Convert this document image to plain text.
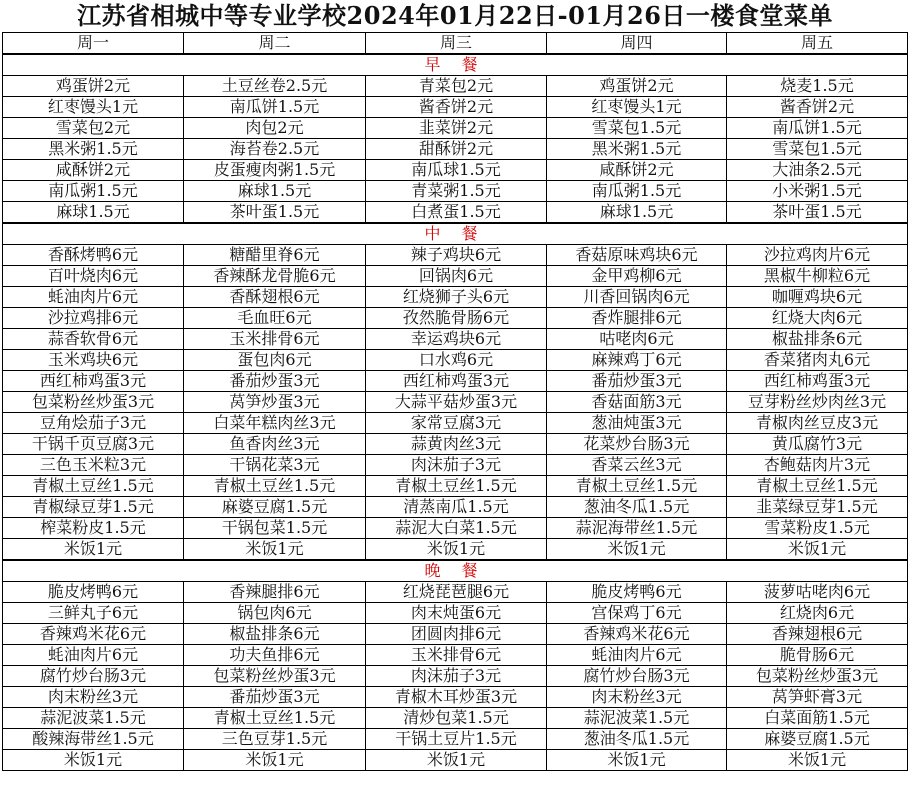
江苏省相城中等专业学校2024年01月22日-01月26日一楼食堂菜单
周一	周二	周三	周四	周五
早 餐				
鸡蛋饼2元	土豆丝卷2.5元	青菜包2元	鸡蛋饼2元	烧麦1.5元
红枣馒头1元	南瓜饼1.5元	酱香饼2元	红枣馒头1元	酱香饼2元
雪菜包2元	肉包2元	韭菜饼2元	雪菜包1.5元	南瓜饼1.5元
黑米粥1.5元	海苔卷2.5元	甜酥饼2元	黑米粥1.5元	雪菜包1.5元
咸酥饼2元	皮蛋瘦肉粥1.5元	南瓜球1.5元	咸酥饼2元	大油条2.5元
南瓜粥1.5元	麻球1.5元	青菜粥1.5元	南瓜粥1.5元	小米粥1.5元
麻球1.5元	茶叶蛋1.5元	白煮蛋1.5元	麻球1.5元	茶叶蛋1.5元
中 餐				
香酥烤鸭6元	糖醋里脊6元	辣子鸡块6元	香菇原味鸡块6元	沙拉鸡肉片6元
百叶烧肉6元	香辣酥龙骨脆6元	回锅肉6元	金甲鸡柳6元	黑椒牛柳粒6元
蚝油肉片6元	香酥翅根6元	红烧狮子头6元	川香回锅肉6元	咖喱鸡块6元
沙拉鸡排6元	毛血旺6元	孜然脆骨肠6元	香炸腿排6元	红烧大肉6元
蒜香软骨6元	玉米排骨6元	幸运鸡块6元	咕咾肉6元	椒盐排条6元
玉米鸡块6元	蛋包肉6元	口水鸡6元	麻辣鸡丁6元	香菜猪肉丸6元
西红柿鸡蛋3元	番茄炒蛋3元	西红柿鸡蛋3元	番茄炒蛋3元	西红柿鸡蛋3元
包菜粉丝炒蛋3元	莴笋炒蛋3元	大蒜平菇炒蛋3元	香菇面筋3元	豆芽粉丝炒肉丝3元
豆角烩茄子3元	白菜年糕肉丝3元	家常豆腐3元	葱油炖蛋3元	青椒肉丝豆皮3元
干锅千页豆腐3元	鱼香肉丝3元	蒜黄肉丝3元	花菜炒台肠3元	黄瓜腐竹3元
三色玉米粒3元	干锅花菜3元	肉沫茄子3元	香菜云丝3元	杏鲍菇肉片3元
青椒土豆丝1.5元	青椒土豆丝1.5元	青椒土豆丝1.5元	青椒土豆丝1.5元	青椒土豆丝1.5元
青椒绿豆芽1.5元	麻婆豆腐1.5元	清蒸南瓜1.5元	葱油冬瓜1.5元	韭菜绿豆芽1.5元
榨菜粉皮1.5元	干锅包菜1.5元	蒜泥大白菜1.5元	蒜泥海带丝1.5元	雪菜粉皮1.5元
米饭1元	米饭1元	米饭1元	米饭1元	米饭1元
晚 餐				
脆皮烤鸭6元	香辣腿排6元	红烧琵琶腿6元	脆皮烤鸭6元	菠萝咕咾肉6元
三鲜丸子6元	锅包肉6元	肉末炖蛋6元	宫保鸡丁6元	红烧肉6元
香辣鸡米花6元	椒盐排条6元	团圆肉排6元	香辣鸡米花6元	香辣翅根6元
蚝油肉片6元	功夫鱼排6元	玉米排骨6元	蚝油肉片6元	脆骨肠6元
腐竹炒台肠3元	包菜粉丝炒蛋3元	肉沫茄子3元	腐竹炒台肠3元	包菜粉丝炒蛋3元
肉末粉丝3元	番茄炒蛋3元	青椒木耳炒蛋3元	肉末粉丝3元	莴笋虾膏3元
蒜泥波菜1.5元	青椒土豆丝1.5元	清炒包菜1.5元	蒜泥波菜1.5元	白菜面筋1.5元
酸辣海带丝1.5元	三色豆芽1.5元	干锅土豆片1.5元	葱油冬瓜1.5元	麻婆豆腐1.5元
米饭1元	米饭1元	米饭1元	米饭1元	米饭1元
